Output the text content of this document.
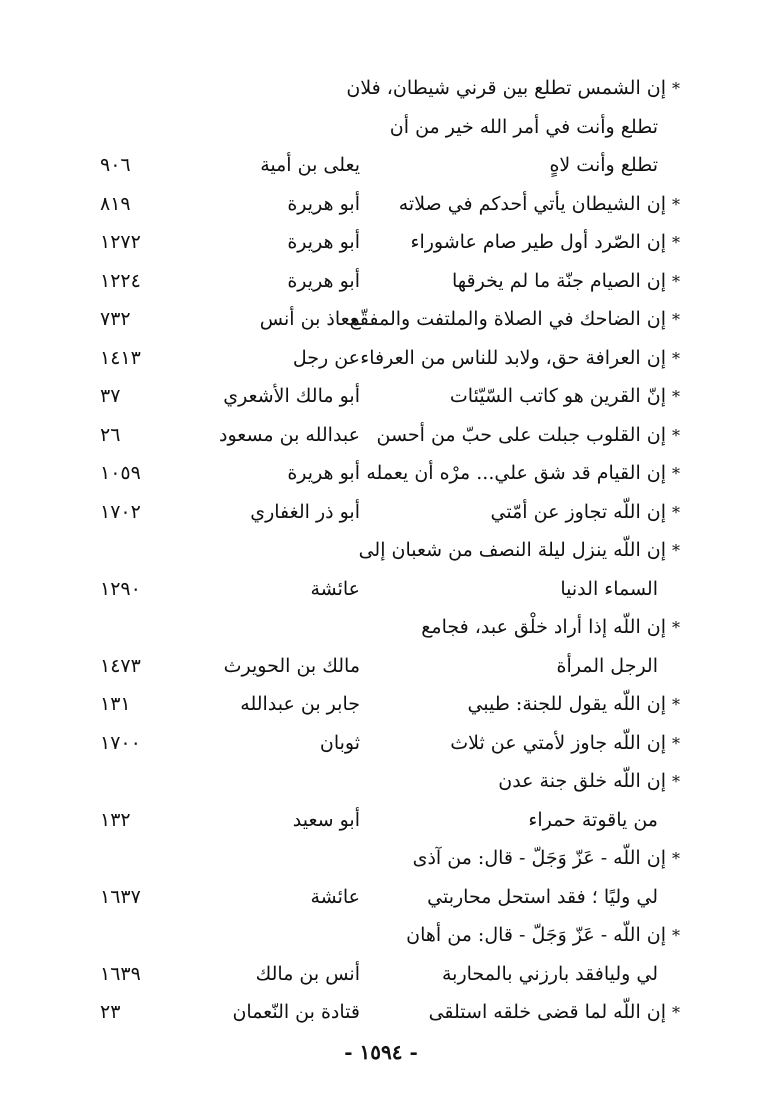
*إن الشمس تطلع بين قرني شيطان، فلان
تطلع وأنت في أمر الله خير من أن
تطلع وأنت لاهٍ
يعلى بن أمية
٩٠٦
*إن الشيطان يأتي أحدكم في صلاته
أبو هريرة
٨١٩
*إن الصّرد أول طير صام عاشوراء
أبو هريرة
١٢٧٢
*إن الصيام جنّة ما لم يخرقها
أبو هريرة
١٢٢٤
*إن الضاحك في الصلاة والملتفت والمفقّع
معاذ بن أنس
٧٣٢
*إن العرافة حق، ولابد للناس من العرفاء
عن رجل
١٤١٣
*إنّ القرين هو كاتب السّيّئات
أبو مالك الأشعري
٣٧
*إن القلوب جبلت على حبّ من أحسن
عبدالله بن مسعود
٢٦
*إن القيام قد شق علي... مرْه أن يعمله
أبو هريرة
١٠٥٩
*إن اللّه تجاوز عن أمّتي
أبو ذر الغفاري
١٧٠٢
*إن اللّه ينزل ليلة النصف من شعبان إلى
السماء الدنيا
عائشة
١٢٩٠
*إن اللّه إذا أراد خلْق عبد، فجامع
الرجل المرأة
مالك بن الحويرث
١٤٧٣
*إن اللّه يقول للجنة: طيبي
جابر بن عبدالله
١٣١
*إن اللّه جاوز لأمتي عن ثلاث
ثوبان
١٧٠٠
*إن اللّه خلق جنة عدن
من ياقوتة حمراء
أبو سعيد
١٣٢
*إن اللّه - عَزّ وَجَلّ - قال: من آذى
لي وليًا ؛ فقد استحل محاربتي
عائشة
١٦٣٧
*إن اللّه - عَزّ وَجَلّ - قال: من أهان
لي وليافقد بارزني بالمحاربة
أنس بن مالك
١٦٣٩
*إن اللّه لما قضى خلقه استلقى
قتادة بن النّعمان
٢٣
- ١٥٩٤ -
